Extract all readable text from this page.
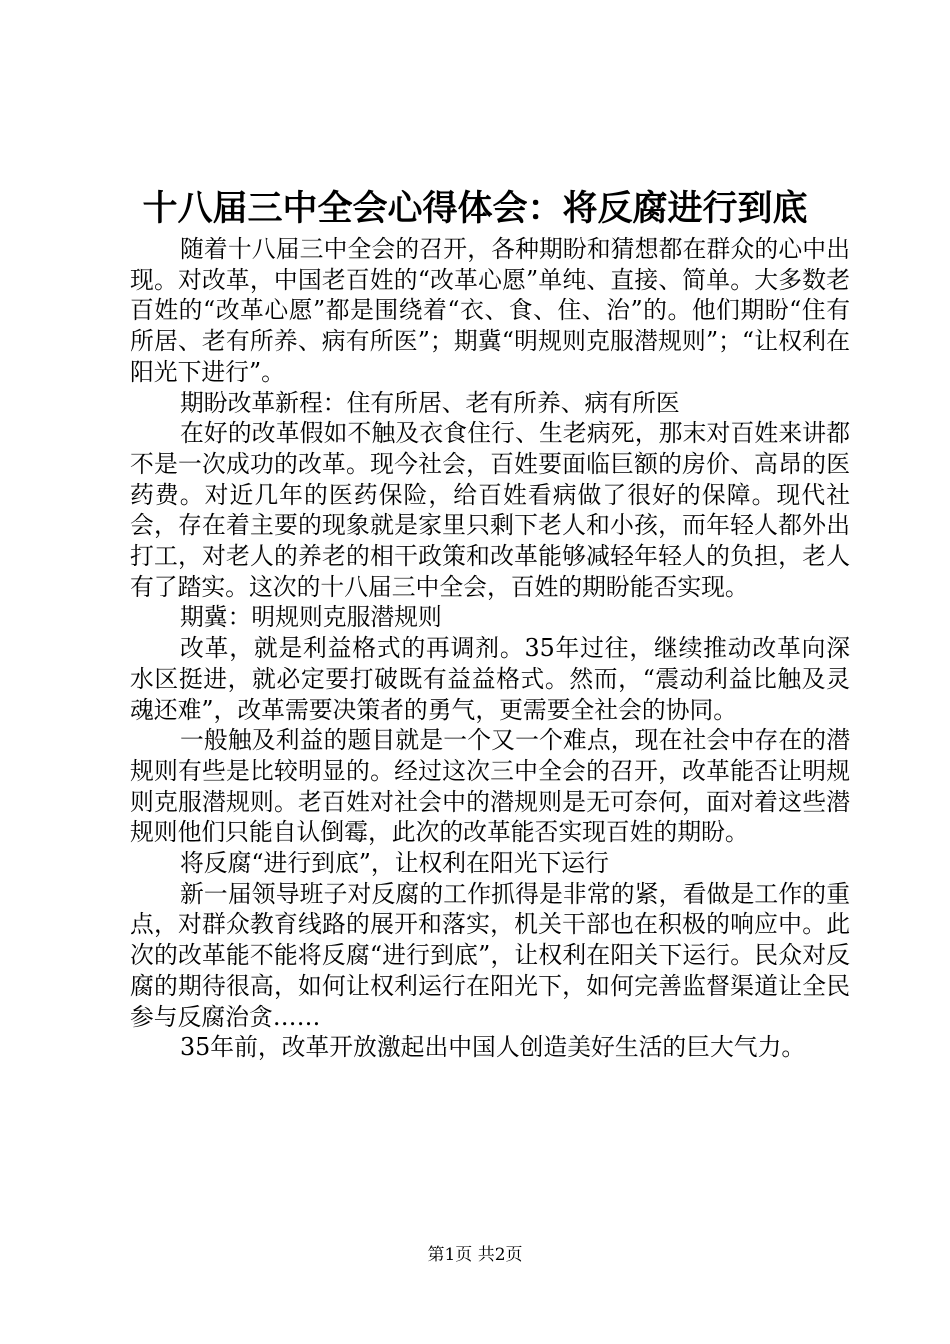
十八届三中全会心得体会：将反腐进行到底

随着十八届三中全会的召开，各种期盼和猜想都在群众的心中出现。对改革，中国老百姓的“改革心愿”单纯、直接、简单。大多数老百姓的“改革心愿”都是围绕着“衣、食、住、治”的。他们期盼“住有所居、老有所养、病有所医”；期冀“明规则克服潜规则”；“让权利在阳光下进行”。

期盼改革新程：住有所居、老有所养、病有所医

在好的改革假如不触及衣食住行、生老病死，那末对百姓来讲都不是一次成功的改革。现今社会，百姓要面临巨额的房价、高昂的医药费。对近几年的医药保险，给百姓看病做了很好的保障。现代社会，存在着主要的现象就是家里只剩下老人和小孩，而年轻人都外出打工，对老人的养老的相干政策和改革能够减轻年轻人的负担，老人有了踏实。这次的十八届三中全会，百姓的期盼能否实现。

期冀：明规则克服潜规则

改革，就是利益格式的再调剂。35年过往，继续推动改革向深水区挺进，就必定要打破既有益益格式。然而，“震动利益比触及灵魂还难”，改革需要决策者的勇气，更需要全社会的协同。

一般触及利益的题目就是一个又一个难点，现在社会中存在的潜规则有些是比较明显的。经过这次三中全会的召开，改革能否让明规则克服潜规则。老百姓对社会中的潜规则是无可奈何，面对着这些潜规则他们只能自认倒霉，此次的改革能否实现百姓的期盼。

将反腐“进行到底”，让权利在阳光下运行

新一届领导班子对反腐的工作抓得是非常的紧，看做是工作的重点，对群众教育线路的展开和落实，机关干部也在积极的响应中。此次的改革能不能将反腐“进行到底”，让权利在阳关下运行。民众对反腐的期待很高，如何让权利运行在阳光下，如何完善监督渠道让全民参与反腐治贪……

35年前，改革开放激起出中国人创造美好生活的巨大气力。

第1页 共2页
